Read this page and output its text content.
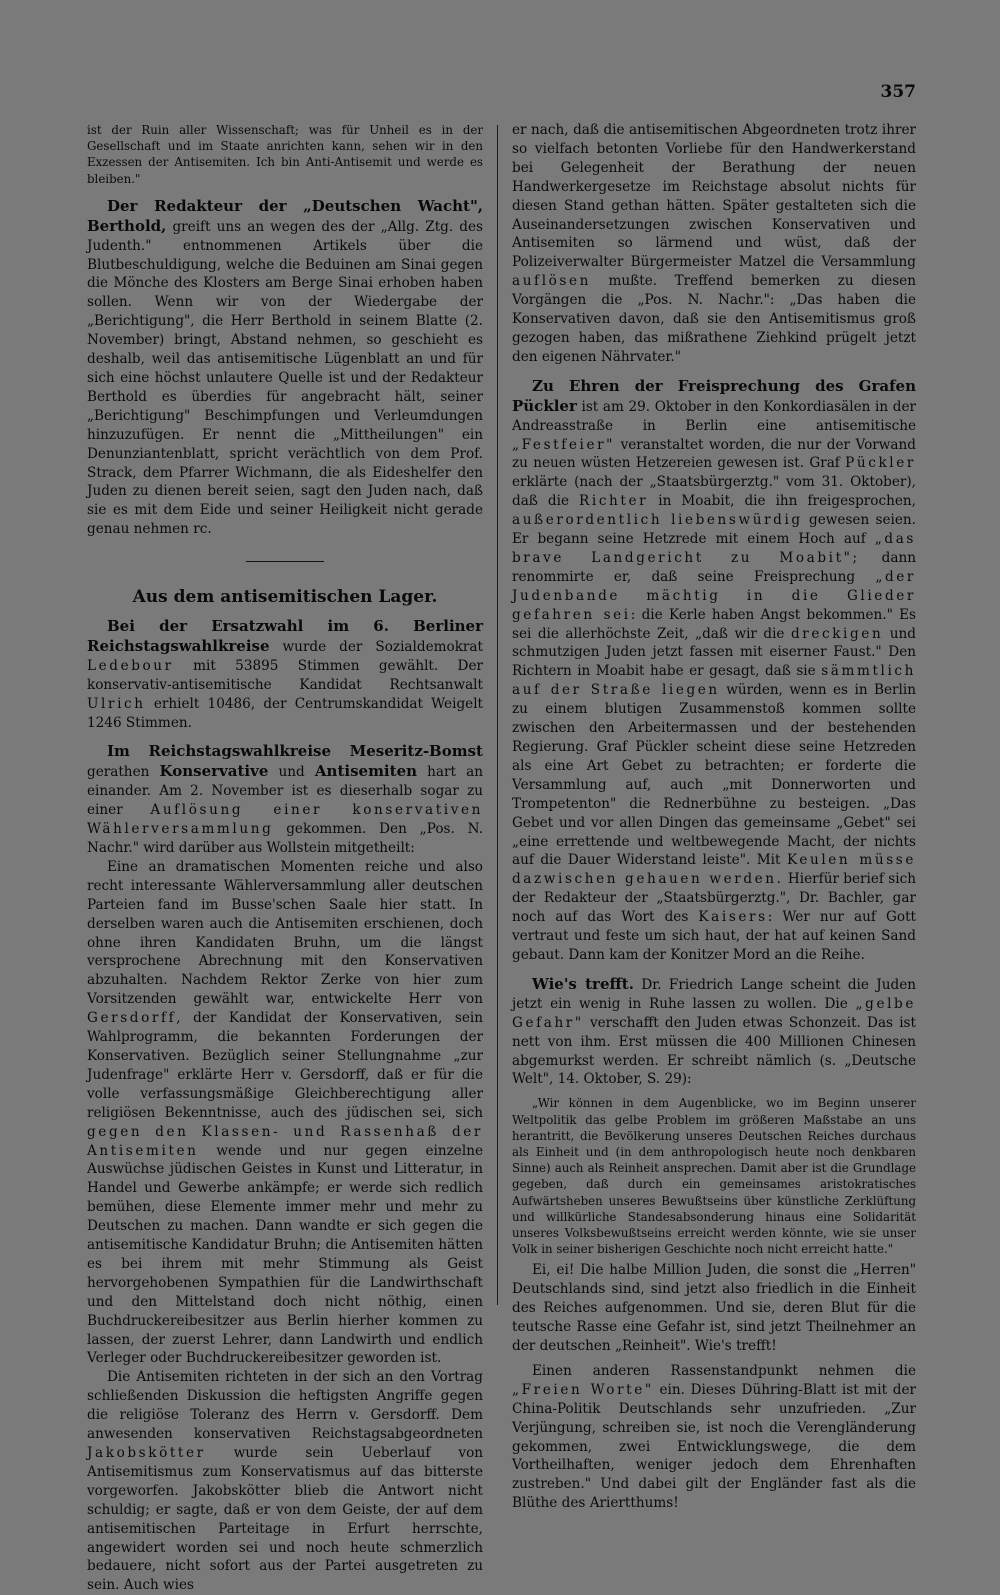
357

ist der Ruin aller Wissenschaft; was für Unheil es in der Gesellschaft und im Staate anrichten kann, sehen wir in den Exzessen der Antisemiten. Ich bin Anti-Antisemit und werde es bleiben."

Der Redakteur der „Deutschen Wacht", Berthold, greift uns an wegen des der „Allg. Ztg. des Judenth." entnommenen Artikels über die Blutbeschuldigung, welche die Beduinen am Sinai gegen die Mönche des Klosters am Berge Sinai erhoben haben sollen. Wenn wir von der Wiedergabe der „Berichtigung", die Herr Berthold in seinem Blatte (2. November) bringt, Abstand nehmen, so geschieht es deshalb, weil das antisemitische Lügenblatt an und für sich eine höchst unlautere Quelle ist und der Redakteur Berthold es überdies für angebracht hält, seiner „Berichtigung" Beschimpfungen und Verleumdungen hinzuzufügen. Er nennt die „Mittheilungen" ein Denunziantenblatt, spricht verächtlich von dem Prof. Strack, dem Pfarrer Wichmann, die als Eideshelfer den Juden zu dienen bereit seien, sagt den Juden nach, daß sie es mit dem Eide und seiner Heiligkeit nicht gerade genau nehmen rc.

Aus dem antisemitischen Lager.

Bei der Ersatzwahl im 6. Berliner Reichstagswahlkreise wurde der Sozialdemokrat Ledebour mit 53895 Stimmen gewählt. Der konservativ-antisemitische Kandidat Rechtsanwalt Ulrich erhielt 10486, der Centrumskandidat Weigelt 1246 Stimmen.

Im Reichstagswahlkreise Meseritz-Bomst gerathen Konservative und Antisemiten hart an einander. Am 2. November ist es dieserhalb sogar zu einer Auflösung einer konservativen Wählerversammlung gekommen. Den „Pos. N. Nachr." wird darüber aus Wollstein mitgetheilt:

Eine an dramatischen Momenten reiche und also recht interessante Wählerversammlung aller deutschen Parteien fand im Busse'schen Saale hier statt. In derselben waren auch die Antisemiten erschienen, doch ohne ihren Kandidaten Bruhn, um die längst versprochene Abrechnung mit den Konservativen abzuhalten. Nachdem Rektor Zerke von hier zum Vorsitzenden gewählt war, entwickelte Herr von Gersdorff, der Kandidat der Konservativen, sein Wahlprogramm, die bekannten Forderungen der Konservativen. Bezüglich seiner Stellungnahme „zur Judenfrage" erklärte Herr v. Gersdorff, daß er für die volle verfassungsmäßige Gleichberechtigung aller religiösen Bekenntnisse, auch des jüdischen sei, sich gegen den Klassen- und Rassenhaß der Antisemiten wende und nur gegen einzelne Auswüchse jüdischen Geistes in Kunst und Litteratur, in Handel und Gewerbe ankämpfe; er werde sich redlich bemühen, diese Elemente immer mehr und mehr zu Deutschen zu machen. Dann wandte er sich gegen die antisemitische Kandidatur Bruhn; die Antisemiten hätten es bei ihrem mit mehr Stimmung als Geist hervorgehobenen Sympathien für die Landwirthschaft und den Mittelstand doch nicht nöthig, einen Buchdruckereibesitzer aus Berlin hierher kommen zu lassen, der zuerst Lehrer, dann Landwirth und endlich Verleger oder Buchdruckereibesitzer geworden ist.

Die Antisemiten richteten in der sich an den Vortrag schließenden Diskussion die heftigsten Angriffe gegen die religiöse Toleranz des Herrn v. Gersdorff. Dem anwesenden konservativen Reichstagsabgeordneten Jakobskötter wurde sein Ueberlauf von Antisemitismus zum Konservatismus auf das bitterste vorgeworfen. Jakobskötter blieb die Antwort nicht schuldig; er sagte, daß er von dem Geiste, der auf dem antisemitischen Parteitage in Erfurt herrschte, angewidert worden sei und noch heute schmerzlich bedauere, nicht sofort aus der Partei ausgetreten zu sein. Auch wies

er nach, daß die antisemitischen Abgeordneten trotz ihrer so vielfach betonten Vorliebe für den Handwerkerstand bei Gelegenheit der Berathung der neuen Handwerkergesetze im Reichstage absolut nichts für diesen Stand gethan hätten. Später gestalteten sich die Auseinandersetzungen zwischen Konservativen und Antisemiten so lärmend und wüst, daß der Polizeiverwalter Bürgermeister Matzel die Versammlung auflösen mußte. Treffend bemerken zu diesen Vorgängen die „Pos. N. Nachr.": „Das haben die Konservativen davon, daß sie den Antisemitismus groß gezogen haben, das mißrathene Ziehkind prügelt jetzt den eigenen Nährvater."

Zu Ehren der Freisprechung des Grafen Pückler ist am 29. Oktober in den Konkordiasälen in der Andreasstraße in Berlin eine antisemitische „Festfeier" veranstaltet worden, die nur der Vorwand zu neuen wüsten Hetzereien gewesen ist. Graf Pückler erklärte (nach der „Staatsbürgerztg." vom 31. Oktober), daß die Richter in Moabit, die ihn freigesprochen, außerordentlich liebenswürdig gewesen seien. Er begann seine Hetzrede mit einem Hoch auf „das brave Landgericht zu Moabit"; dann renommirte er, daß seine Freisprechung „der Judenbande mächtig in die Glieder gefahren sei: die Kerle haben Angst bekommen." Es sei die allerhöchste Zeit, „daß wir die dreckigen und schmutzigen Juden jetzt fassen mit eiserner Faust." Den Richtern in Moabit habe er gesagt, daß sie sämmtlich auf der Straße liegen würden, wenn es in Berlin zu einem blutigen Zusammenstoß kommen sollte zwischen den Arbeitermassen und der bestehenden Regierung. Graf Pückler scheint diese seine Hetzreden als eine Art Gebet zu betrachten; er forderte die Versammlung auf, auch „mit Donnerworten und Trompetenton" die Rednerbühne zu besteigen. „Das Gebet und vor allen Dingen das gemeinsame „Gebet" sei „eine errettende und weltbewegende Macht, der nichts auf die Dauer Widerstand leiste". Mit Keulen müsse dazwischen gehauen werden. Hierfür berief sich der Redakteur der „Staatsbürgerztg.", Dr. Bachler, gar noch auf das Wort des Kaisers: Wer nur auf Gott vertraut und feste um sich haut, der hat auf keinen Sand gebaut. Dann kam der Konitzer Mord an die Reihe.

Wie's trefft. Dr. Friedrich Lange scheint die Juden jetzt ein wenig in Ruhe lassen zu wollen. Die „gelbe Gefahr" verschafft den Juden etwas Schonzeit. Das ist nett von ihm. Erst müssen die 400 Millionen Chinesen abgemurkst werden. Er schreibt nämlich (s. „Deutsche Welt", 14. Oktober, S. 29):

„Wir können in dem Augenblicke, wo im Beginn unserer Weltpolitik das gelbe Problem im größeren Maßstabe an uns herantritt, die Bevölkerung unseres Deutschen Reiches durchaus als Einheit und (in dem anthropologisch heute noch denkbaren Sinne) auch als Reinheit ansprechen. Damit aber ist die Grundlage gegeben, daß durch ein gemeinsames aristokratisches Aufwärtsheben unseres Bewußtseins über künstliche Zerklüftung und willkürliche Standesabsonderung hinaus eine Solidarität unseres Volksbewußtseins erreicht werden könnte, wie sie unser Volk in seiner bisherigen Geschichte noch nicht erreicht hatte."

Ei, ei! Die halbe Million Juden, die sonst die „Herren" Deutschlands sind, sind jetzt also friedlich in die Einheit des Reiches aufgenommen. Und sie, deren Blut für die teutsche Rasse eine Gefahr ist, sind jetzt Theilnehmer an der deutschen „Reinheit". Wie's trefft!

Einen anderen Rassenstandpunkt nehmen die „Freien Worte" ein. Dieses Dühring-Blatt ist mit der China-Politik Deutschlands sehr unzufrieden. „Zur Verjüngung, schreiben sie, ist noch die Verengländerung gekommen, zwei Entwicklungswege, die dem Vortheilhaften, weniger jedoch dem Ehrenhaften zustreben." Und dabei gilt der Engländer fast als die Blüthe des Ariertthums!
